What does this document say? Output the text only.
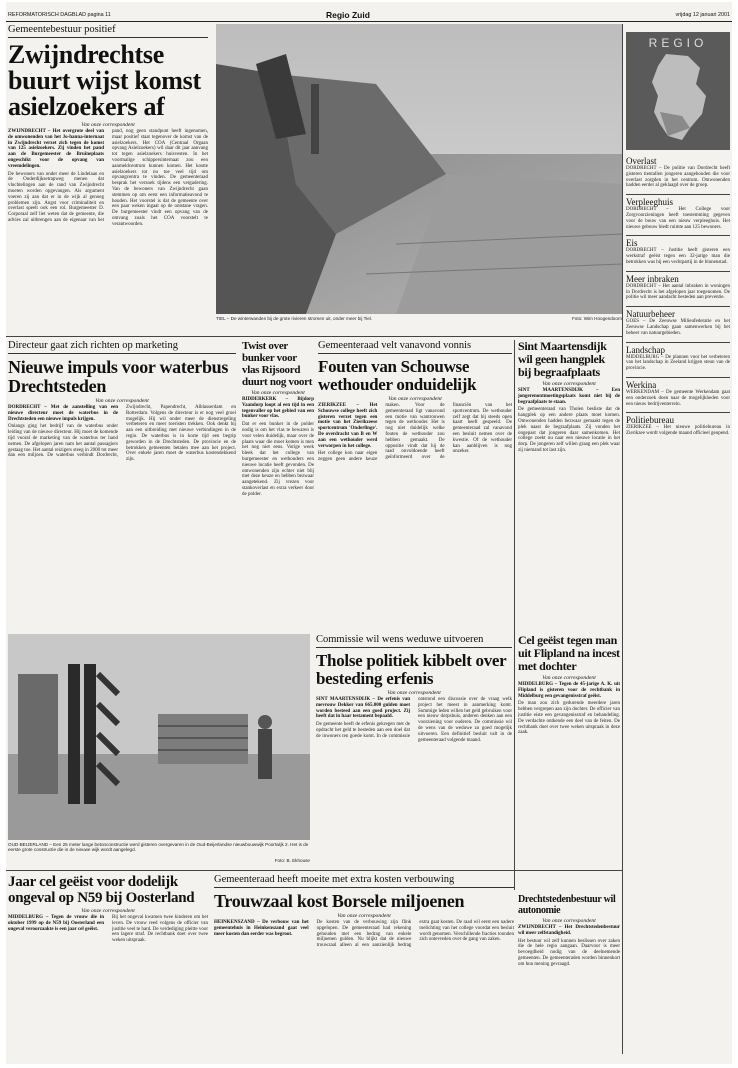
REFORMATORISCH DAGBLAD pagina 11	Regio Zuid	vrijdag 12 januari 2001
Gemeentebestuur positief
Zwijndrechtse buurt wijst komst asielzoekers af
Van onze correspondent

ZWIJNDRECHT – Het overgrote deel van de omwonenden van het Jo-hanna-internaat in Zwijndrecht verzet zich tegen de komst van 125 asielzoekers. Zij vinden het pand aan de Burgemeester de Bruïneplaats ongeschikt voor de opvang van vreemdelingen.

De bewoners van onder meer de Lindelaan en de Onderdijksetrapweg menen dat vluchtelingen aan de rand van Zwijndrecht moeten worden opgevangen. Als argument voeren zij aan dat er in de wijk al genoeg problemen zijn. Angst voor criminaliteit en overlast speelt ook een rol. Burgemeester D. Corporaal zelf liet weten dat de gemeente, die advies zal uitbrengen aan de eigenaar van het pand, nog geen standpunt heeft ingenomen, maar positief staat tegenover de komst van de asielzoekers. Het COA (Centraal Orgaan opvang Asielzoekers) wil daar dit jaar aanvang tot tegen asielzoekers huisvesten. In het voormalige schippersinternaat zou een aanmeldcentrum kunnen komen. Het kostte asielzoekers tot nu toe veel tijd om opvangcentra te vinden. De gemeenteraad besprak het verzoek tijdens een vergadering. Van de bewoners van Zwijndrecht gaan stemmen op om eerst een informatieavond te houden. Het voorstel is dat de gemeente over een paar weken ingaat op de ontstane vragen. De burgemeester vindt een opvang van de omvang zoals het COA voorstelt te verantwoorden.

TIEL – De winterwanden bij de grote rivieren stromen uit, onder meer bij Tiel.	Foto: Wim Hoogendoorn
REGIO
Overlast

DORDRECHT – De politie van Dordrecht heeft gisteren tientallen jongeren aangehouden die voor overlast zorgden in het centrum. Omwonenden hadden eerder al geklaagd over de groep.

Verpleeghuis

DORDRECHT – Het College voor Zorgvoorzieningen heeft toestemming gegeven voor de bouw van een nieuw verpleeghuis. Het nieuwe gebouw biedt ruimte aan 125 bewoners.

Eis

DORDRECHT – Justitie heeft gisteren een werkstraf geëist tegen een 32-jarige man die betrokken was bij een vechtpartij in de binnenstad.

Meer inbraken

DORDRECHT – Het aantal inbraken in woningen in Dordrecht is het afgelopen jaar toegenomen. De politie wil meer aandacht besteden aan preventie.

Natuurbeheer

GOES – De Zeeuwse Milieufederatie en het Zeeuwse Landschap gaan samenwerken bij het beheer van natuurgebieden.

Landschap

MIDDELBURG – De plannen voor het verbeteren van het landschap in Zeeland krijgen steun van de provincie.

Werkina

WERKENDAM – De gemeente Werkendam gaat een onderzoek doen naar de mogelijkheden voor een nieuw bedrijventerrein.

Politiebureau

ZIERIKZEE – Het nieuwe politiebureau in Zierikzee wordt volgende maand officieel geopend.

Directeur gaat zich richten op marketing
Nieuwe impuls voor waterbus Drechtsteden
Van onze correspondent

DORDRECHT – Met de aanstelling van een nieuwe directeur moet de waterbus in de Drechtsteden een nieuwe impuls krijgen.

Onlangs ging het bedrijf van de waterbus onder leiding van de nieuwe directeur. Hij moet de komende tijd vooral de marketing van de waterbus ter hand nemen. De afgelopen jaren nam het aantal passagiers gestaag toe. Het aantal reizigers steeg in 2000 tot meer dan een miljoen. De waterbus verbindt Dordrecht, Zwijndrecht, Papendrecht, Alblasserdam en Rotterdam. Volgens de directeur is er nog veel groei mogelijk. Hij wil onder meer de dienstregeling verbeteren en meer toeristen trekken. Ook denkt hij aan een uitbreiding met nieuwe verbindingen in de regio. De waterbus is in korte tijd een begrip geworden in de Drechtsteden. De provincie en de betrokken gemeenten betalen mee aan het project. Over enkele jaren moet de waterbus kostendekkend zijn.

Twist over bunker voor vlas Rijsoord duurt nog voort
Van onze correspondent

RIDDERKERK – Bijdorp Vaandorp loopt al een tijd in een tegenvaller op het gebied van een bunker voor vlas.

Dat er een bunker in de polder nodig is om het vlas te bewaren is voor velen duidelijk, maar over de plaats waar die moet komen is men het nog niet eens. Vorige week bleek dat het college van burgemeester en wethouders een nieuwe locatie heeft gevonden. De omwonenden zijn echter niet blij met deze keuze en hebben bezwaar aangetekend. Zij vrezen voor stankoverlast en extra verkeer door de polder.

Gemeenteraad velt vanavond vonnis
Fouten van Schouwse wethouder onduidelijk
Van onze correspondent

ZIERIKZEE – Het Schouwse college heeft zich gisteren verzet tegen een motie van het Zierikzeese sportcentrum 'Onderlinge'. De overdracht van B en W aan een wethouder werd verworpen in het college.

Het college kon naar eigen zeggen geen andere keuze maken. Voor de gemeenteraad ligt vanavond een motie van wantrouwen tegen de wethouder. Het is nog niet duidelijk welke fouten de wethouder zou hebben gemaakt. De oppositie vindt dat hij de raad onvoldoende heeft geïnformeerd over de financiën van het sportcentrum. De wethouder zelf zegt dat hij steeds open kaart heeft gespeeld. De gemeenteraad zal vanavond een besluit nemen over de kwestie. Of de wethouder kan aanblijven is nog onzeker.

Sint Maartensdijk wil geen hangplek bij begraafplaats
Van onze correspondent

SINT MAARTENSDIJK – Een jongerenontmoetingsplaats komt niet bij de begraafplaats te staan.

De gemeenteraad van Tholen besliste dat de hangplek op een andere plaats moet komen. Omwonenden hadden bezwaar gemaakt tegen de plek naast de begraafplaats. Zij vonden het ongepast dat jongeren daar samenkomen. Het college zoekt nu naar een nieuwe locatie in het dorp. De jongeren zelf willen graag een plek waar zij niemand tot last zijn.

OUD-BEIJERLAND – Een 25 meter lange betonconstructie werd gisteren overgevaren in de Oud-Beijerlandse nieuwbouwwijk Poortwijk 2. Het is de eerste grote constructie die in de nieuwe wijk wordt aangelegd.
Foto: B. Ekhouse
Commissie wil wens weduwe uitvoeren
Tholse politiek kibbelt over besteding erfenis
Van onze correspondent

SINT MAARTENSDIJK – De erfenis van mevrouw Dekker van 665.000 gulden moet worden besteed aan een goed project. Zij heeft dat in haar testament bepaald.

De gemeente heeft de erfenis gekregen met de opdracht het geld te besteden aan een doel dat de inwoners ten goede komt. In de commissie ontstond een discussie over de vraag welk project het meest in aanmerking komt. Sommige leden willen het geld gebruiken voor een nieuw dorpshuis, anderen denken aan een voorziening voor ouderen. De commissie wil de wens van de weduwe zo goed mogelijk uitvoeren. Een definitief besluit valt in de gemeenteraad volgende maand.

Cel geëist tegen man uit Flipland na incest met dochter
Van onze correspondent

MIDDELBURG – Tegen de 45-jarige A. K. uit Flipland is gisteren voor de rechtbank in Middelburg een gevangenisstraf geëist.

De man zou zich gedurende meerdere jaren hebben vergrepen aan zijn dochter. De officier van justitie eiste een gevangenisstraf en behandeling. De verdachte ontkende een deel van de feiten. De rechtbank doet over twee weken uitspraak in deze zaak.

Jaar cel geëist voor dodelijk ongeval op N59 bij Oosterland
Van onze correspondent

MIDDELBURG – Tegen de vrouw die in oktober 1999 op de N59 bij Oosterland een ongeval veroorzaakte is een jaar cel geëist.

Bij het ongeval kwamen twee kinderen om het leven. De vrouw reed volgens de officier van justitie veel te hard. De verdediging pleitte voor een lagere straf. De rechtbank doet over twee weken uitspraak.

Gemeenteraad heeft moeite met extra kosten verbouwing
Trouwzaal kost Borsele miljoenen
Van onze correspondent

HEINKENSZAND – De verbouw van het gemeentehuis in Heinkenszand gaat veel meer kosten dan eerder was begroot.

De kosten van de verbouwing zijn flink opgelopen. De gemeenteraad had rekening gehouden met een bedrag van enkele miljoenen gulden. Nu blijkt dat de nieuwe trouwzaal alleen al een aanzienlijk bedrag extra gaat kosten. De raad wil eerst een nadere toelichting van het college voordat een besluit wordt genomen. Verschillende fracties toonden zich ontevreden over de gang van zaken.

Drechtstedenbestuur wil autonomie
Van onze correspondent

ZWIJNDRECHT – Het Drechtstedenbestuur wil meer zelfstandigheid.

Het bestuur wil zelf kunnen beslissen over zaken die de hele regio aangaan. Daarvoor is meer bevoegdheid nodig van de deelnemende gemeenten. De gemeenteraden worden binnenkort om hun mening gevraagd.
